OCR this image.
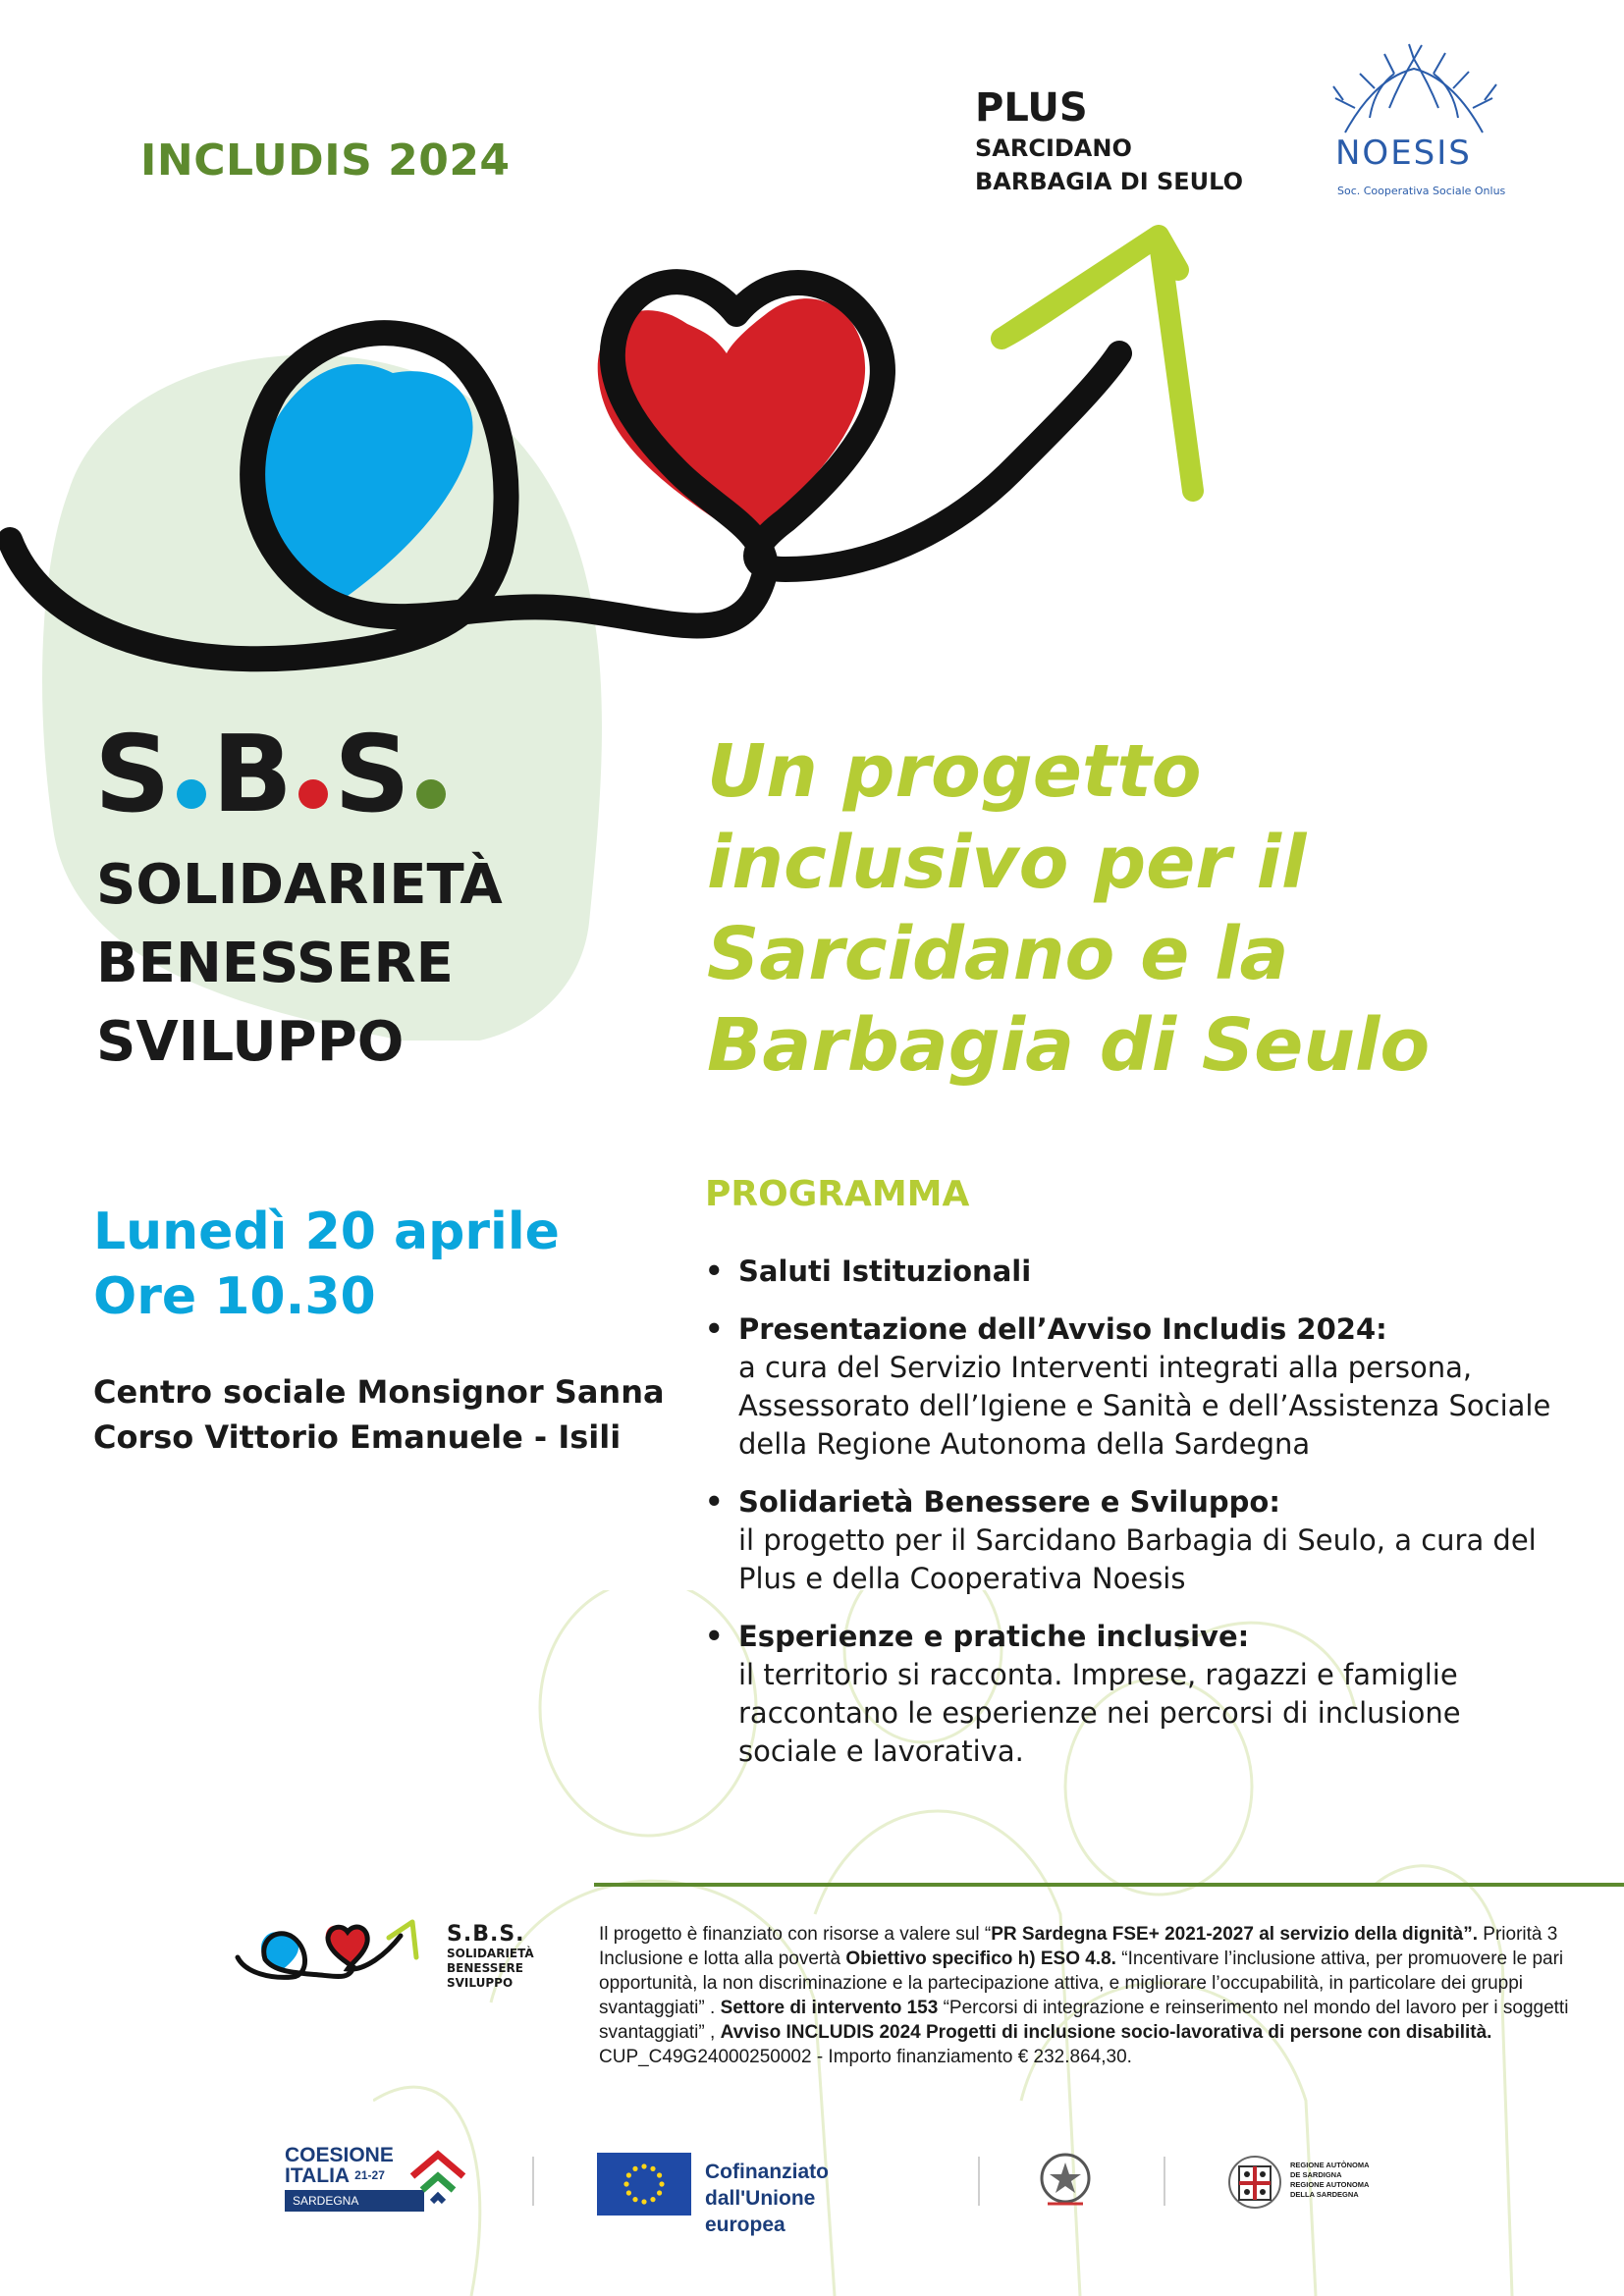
INCLUDIS 2024
PLUS
SARCIDANO
BARBAGIA DI SEULO
NOESIS
Soc. Cooperativa Sociale Onlus
S B S
SOLIDARIETÀ
BENESSERE
SVILUPPO
Un progetto
inclusivo per il
Sarcidano e la
Barbagia di Seulo
Lunedì 20 aprile
Ore 10.30
Centro sociale Monsignor Sanna
Corso Vittorio Emanuele - Isili
PROGRAMMA
• Saluti Istituzionali
• Presentazione dell’Avviso Includis 2024:
a cura del Servizio Interventi integrati alla persona, Assessorato dell’Igiene e Sanità e dell’Assistenza Sociale della Regione Autonoma della Sardegna
• Solidarietà Benessere e Sviluppo:
il progetto per il Sarcidano Barbagia di Seulo, a cura del Plus e della Cooperativa Noesis
• Esperienze e pratiche inclusive:
il territorio si racconta. Imprese, ragazzi e famiglie raccontano le esperienze nei percorsi di inclusione sociale e lavorativa.
S.B.S.
SOLIDARIETÀ
BENESSERE
SVILUPPO
Il progetto è finanziato con risorse a valere sul “PR Sardegna FSE+ 2021-2027 al servizio della dignità”. Priorità 3 Inclusione e lotta alla povertà Obiettivo specifico h) ESO 4.8. “Incentivare l’inclusione attiva, per promuovere le pari opportunità, la non discriminazione e la partecipazione attiva, e migliorare l’occupabilità, in particolare dei gruppi svantaggiati” . Settore di intervento 153 “Percorsi di integrazione e reinserimento nel mondo del lavoro per i soggetti svantaggiati” , Avviso INCLUDIS 2024 Progetti di inclusione socio-lavorativa di persone con disabilità.
CUP_C49G24000250002 - Importo finanziamento € 232.864,30.
COESIONE
ITALIA $^{21-27}$
SARDEGNA
Cofinanziato
dall'Unione europea
REGIONE AUTÒNOMA
DE SARDIGNA
REGIONE AUTONOMA
DELLA SARDEGNA
